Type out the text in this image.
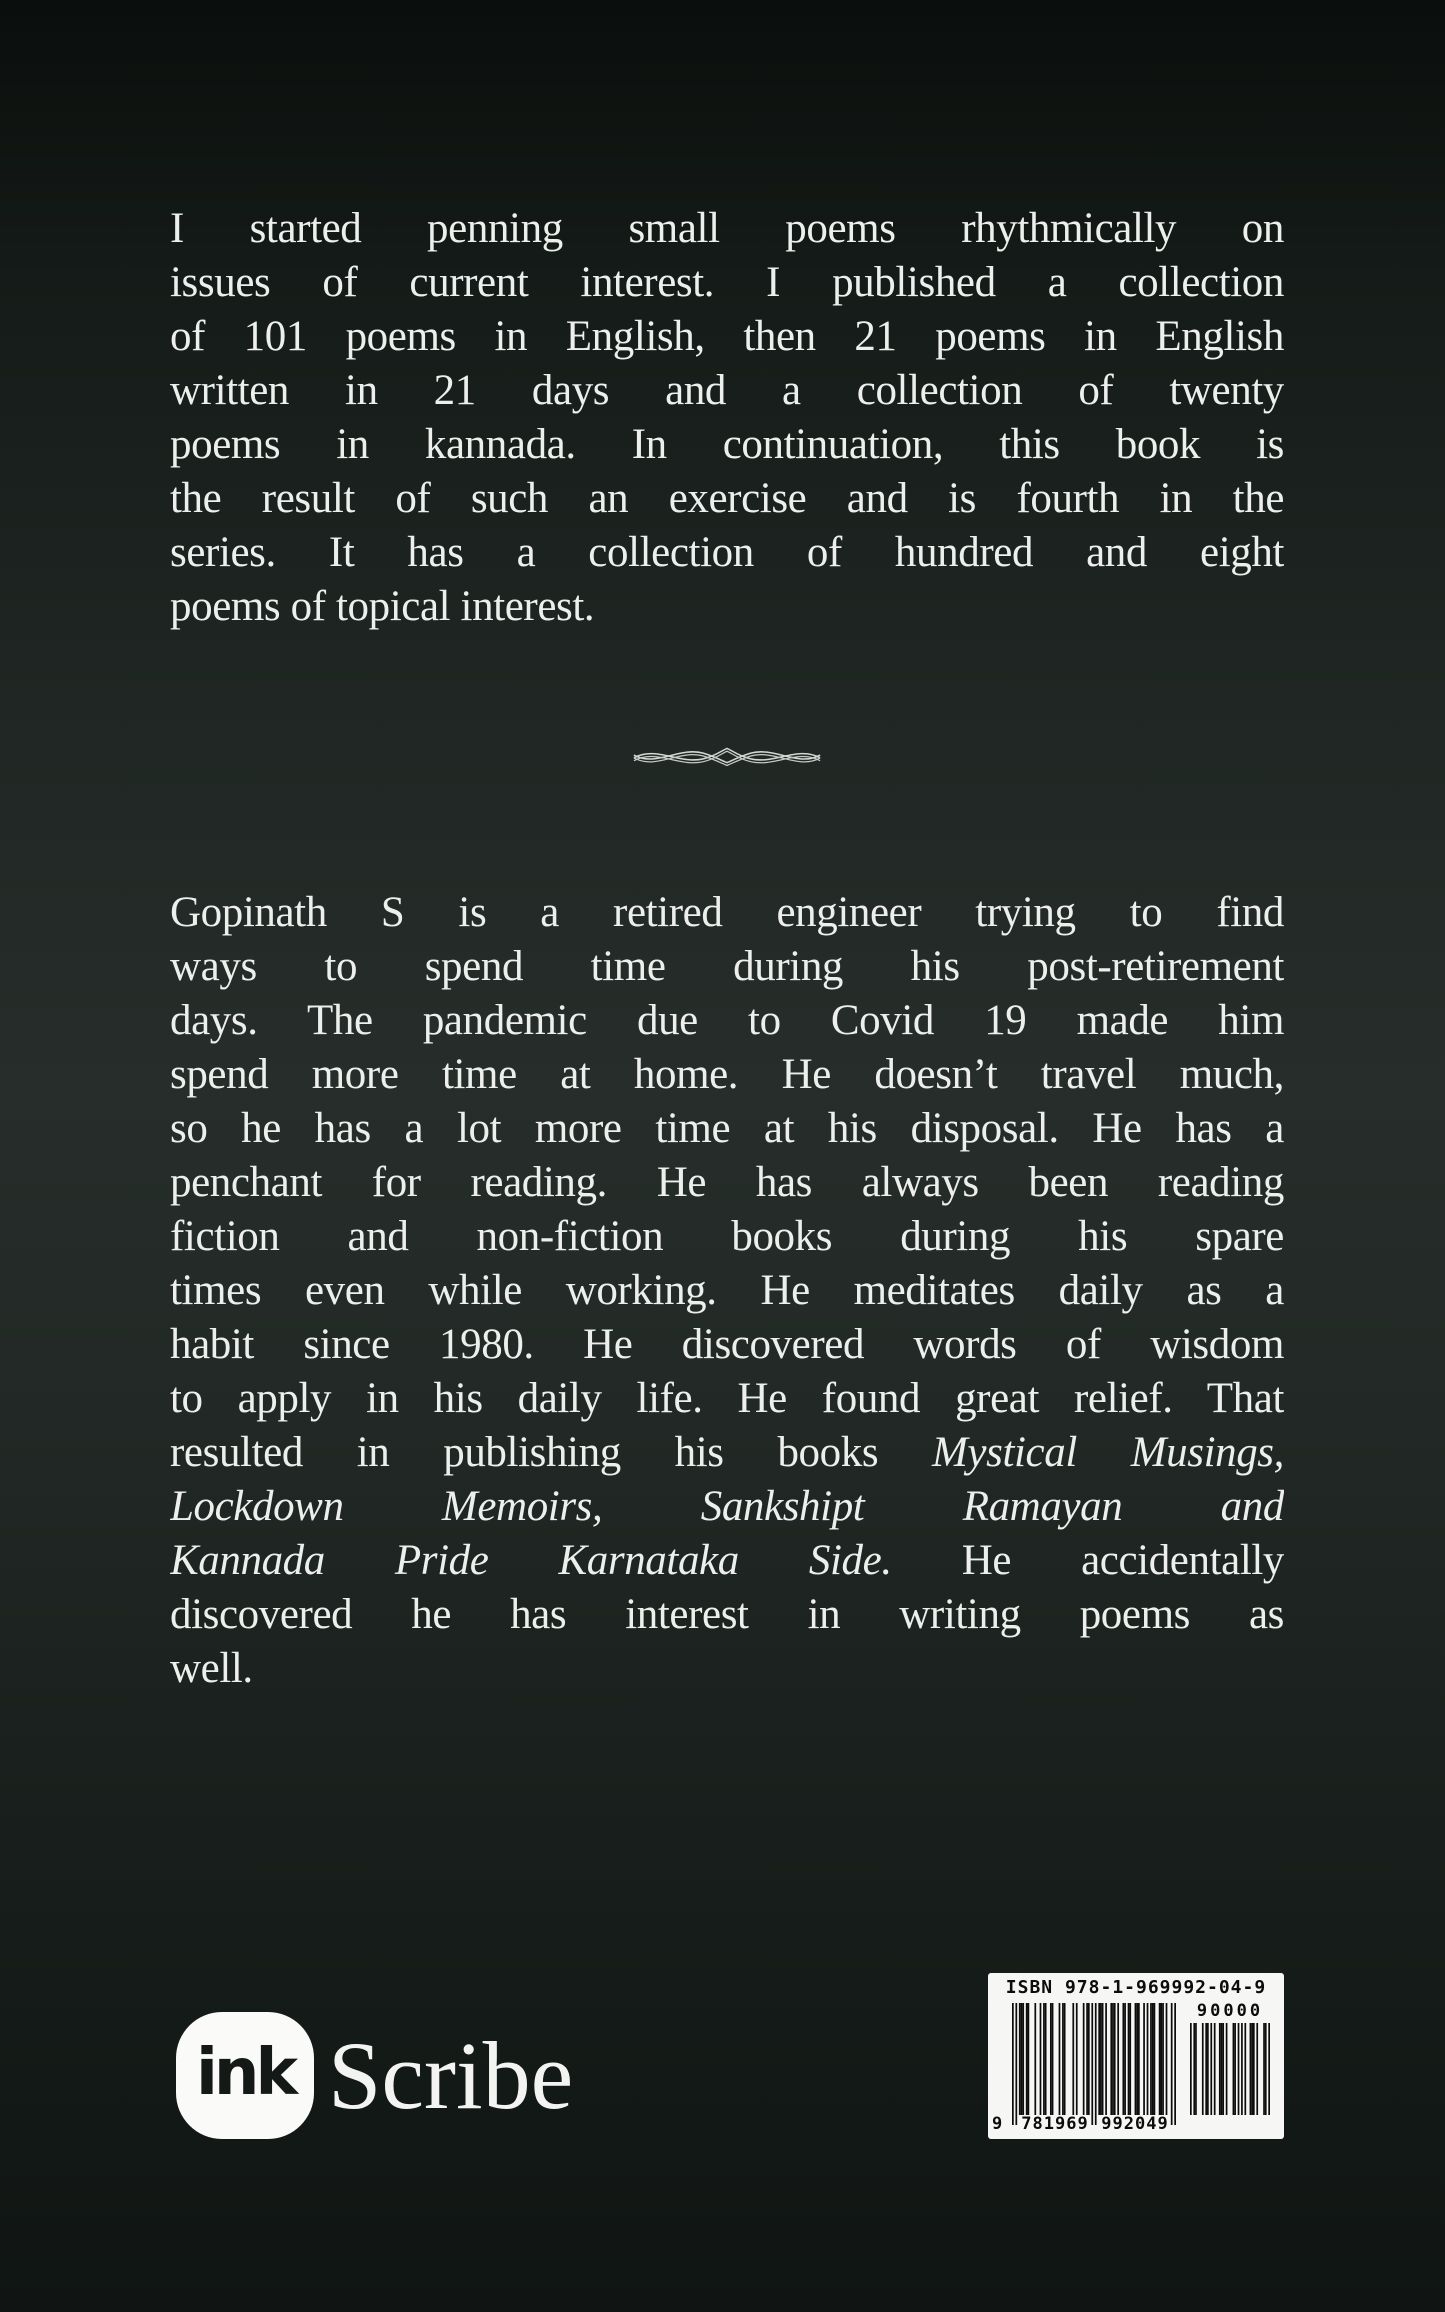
I started penning small poems rhythmically on
issues of current interest. I published a collection
of 101 poems in English, then 21 poems in English
written in 21 days and a collection of twenty
poems in kannada. In continuation, this book is
the result of such an exercise and is fourth in the
series. It has a collection of hundred and eight
poems of topical interest.
Gopinath S is a retired engineer trying to find
ways to spend time during his post-retirement
days. The pandemic due to Covid 19 made him
spend more time at home. He doesn’t travel much,
so he has a lot more time at his disposal. He has a
penchant for reading. He has always been reading
fiction and non-fiction books during his spare
times even while working. He meditates daily as a
habit since 1980. He discovered words of wisdom
to apply in his daily life. He found great relief. That
resulted in publishing his books Mystical Musings,
Lockdown Memoirs, Sankshipt Ramayan and
Kannada Pride Karnataka Side. He accidentally
discovered he has interest in writing poems as
well.
ink Scribe
ISBN 978-1-969992-04-9
90000
9	781969 992049
